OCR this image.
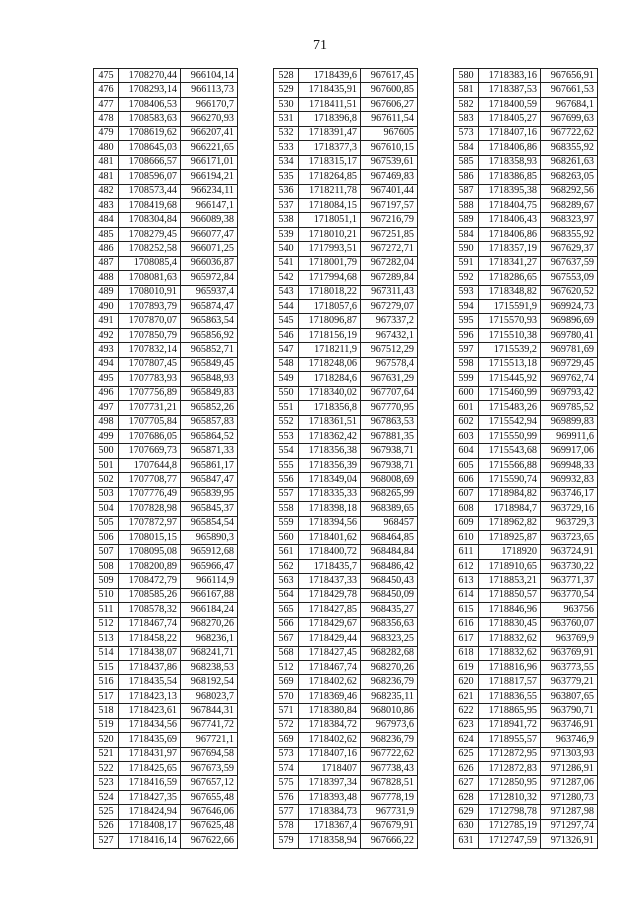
71
475	1708270,44	966104,14
476	1708293,14	966113,73
477	1708406,53	966170,7
478	1708583,63	966270,93
479	1708619,62	966207,41
480	1708645,03	966221,65
481	1708666,57	966171,01
481	1708596,07	966194,21
482	1708573,44	966234,11
483	1708419,68	966147,1
484	1708304,84	966089,38
485	1708279,45	966077,47
486	1708252,58	966071,25
487	1708085,4	966036,87
488	1708081,63	965972,84
489	1708010,91	965937,4
490	1707893,79	965874,47
491	1707870,07	965863,54
492	1707850,79	965856,92
493	1707832,14	965852,71
494	1707807,45	965849,45
495	1707783,93	965848,93
496	1707756,89	965849,83
497	1707731,21	965852,26
498	1707705,84	965857,83
499	1707686,05	965864,52
500	1707669,73	965871,33
501	1707644,8	965861,17
502	1707708,77	965847,47
503	1707776,49	965839,95
504	1707828,98	965845,37
505	1707872,97	965854,54
506	1708015,15	965890,3
507	1708095,08	965912,68
508	1708200,89	965966,47
509	1708472,79	966114,9
510	1708585,26	966167,88
511	1708578,32	966184,24
512	1718467,74	968270,26
513	1718458,22	968236,1
514	1718438,07	968241,71
515	1718437,86	968238,53
516	1718435,54	968192,54
517	1718423,13	968023,7
518	1718423,61	967844,31
519	1718434,56	967741,72
520	1718435,69	967721,1
521	1718431,97	967694,58
522	1718425,65	967673,59
523	1718416,59	967657,12
524	1718427,35	967655,48
525	1718424,94	967646,06
526	1718408,17	967625,48
527	1718416,14	967622,66
528	1718439,6	967617,45
529	1718435,91	967600,85
530	1718411,51	967606,27
531	1718396,8	967611,54
532	1718391,47	967605
533	1718377,3	967610,15
534	1718315,17	967539,61
535	1718264,85	967469,83
536	1718211,78	967401,44
537	1718084,15	967197,57
538	1718051,1	967216,79
539	1718010,21	967251,85
540	1717993,51	967272,71
541	1718001,79	967282,04
542	1717994,68	967289,84
543	1718018,22	967311,43
544	1718057,6	967279,07
545	1718096,87	967337,2
546	1718156,19	967432,1
547	1718211,9	967512,29
548	1718248,06	967578,4
549	1718284,6	967631,29
550	1718340,02	967707,64
551	1718356,8	967770,95
552	1718361,51	967863,53
553	1718362,42	967881,35
554	1718356,38	967938,71
555	1718356,39	967938,71
556	1718349,04	968008,69
557	1718335,33	968265,99
558	1718398,18	968389,65
559	1718394,56	968457
560	1718401,62	968464,85
561	1718400,72	968484,84
562	1718435,7	968486,42
563	1718437,33	968450,43
564	1718429,78	968450,09
565	1718427,85	968435,27
566	1718429,67	968356,63
567	1718429,44	968323,25
568	1718427,45	968282,68
512	1718467,74	968270,26
569	1718402,62	968236,79
570	1718369,46	968235,11
571	1718380,84	968010,86
572	1718384,72	967973,6
569	1718402,62	968236,79
573	1718407,16	967722,62
574	1718407	967738,43
575	1718397,34	967828,51
576	1718393,48	967778,19
577	1718384,73	967731,9
578	1718367,4	967679,91
579	1718358,94	967666,22
580	1718383,16	967656,91
581	1718387,53	967661,53
582	1718400,59	967684,1
583	1718405,27	967699,63
573	1718407,16	967722,62
584	1718406,86	968355,92
585	1718358,93	968261,63
586	1718386,85	968263,05
587	1718395,38	968292,56
588	1718404,75	968289,67
589	1718406,43	968323,97
584	1718406,86	968355,92
590	1718357,19	967629,37
591	1718341,27	967637,59
592	1718286,65	967553,09
593	1718348,82	967620,52
594	1715591,9	969924,73
595	1715570,93	969896,69
596	1715510,38	969780,41
597	1715539,2	969781,69
598	1715513,18	969729,45
599	1715445,92	969762,74
600	1715460,99	969793,42
601	1715483,26	969785,52
602	1715542,94	969899,83
603	1715550,99	969911,6
604	1715543,68	969917,06
605	1715566,88	969948,33
606	1715590,74	969932,83
607	1718984,82	963746,17
608	1718984,7	963729,16
609	1718962,82	963729,3
610	1718925,87	963723,65
611	1718920	963724,91
612	1718910,65	963730,22
613	1718853,21	963771,37
614	1718850,57	963770,54
615	1718846,96	963756
616	1718830,45	963760,07
617	1718832,62	963769,9
618	1718832,62	963769,91
619	1718816,96	963773,55
620	1718817,57	963779,21
621	1718836,55	963807,65
622	1718865,95	963790,71
623	1718941,72	963746,91
624	1718955,57	963746,9
625	1712872,95	971303,93
626	1712872,83	971286,91
627	1712850,95	971287,06
628	1712810,32	971280,73
629	1712798,78	971287,98
630	1712785,19	971297,74
631	1712747,59	971326,91
